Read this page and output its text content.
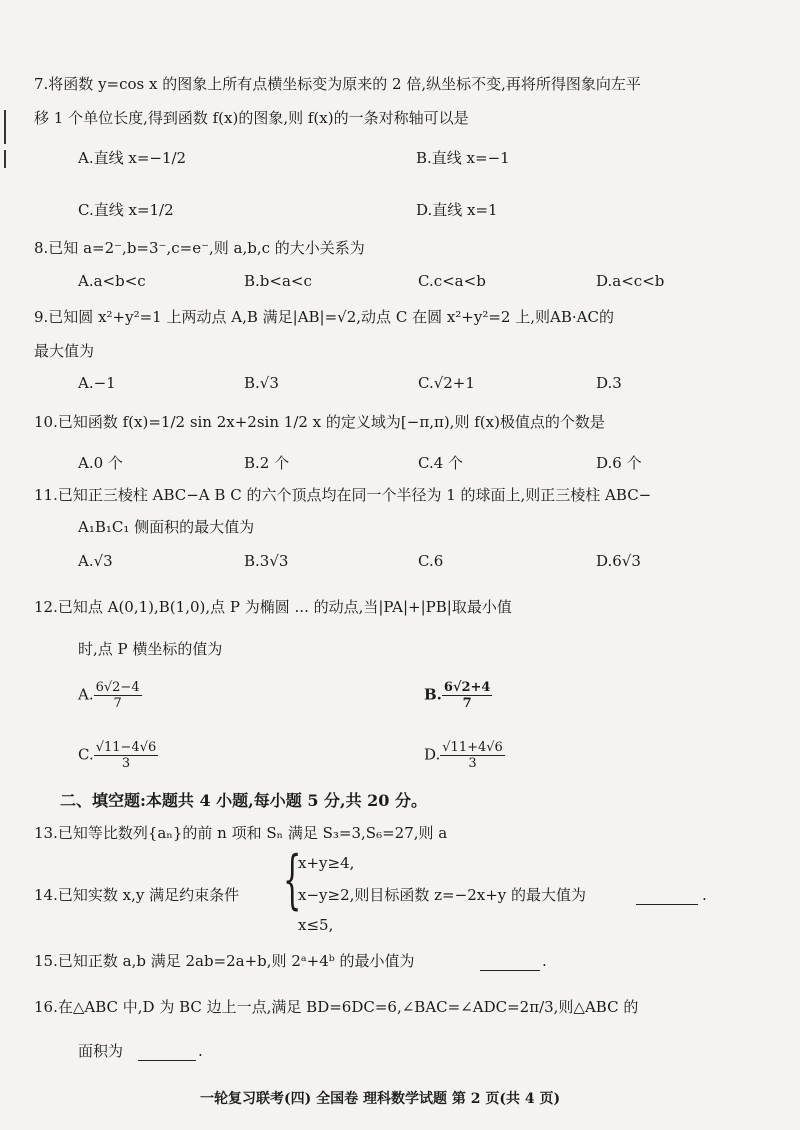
7.将函数 y=cos x 的图象上所有点横坐标变为原来的 2 倍,纵坐标不变,再将所得图象向左平
移 1 个单位长度,得到函数 f(x)的图象,则 f(x)的一条对称轴可以是
A.直线 x=−1/2	B.直线 x=−1
C.直线 x=1/2	D.直线 x=1
8.已知 a=2⁻,b=3⁻,c=e⁻,则 a,b,c 的大小关系为
A.a<b<c	B.b<a<c	C.c<a<b	D.a<c<b
9.已知圆 x²+y²=1 上两动点 A,B 满足|AB|=√2,动点 C 在圆 x²+y²=2 上,则AB·AC的
最大值为
A.−1	B.√3	C.√2+1	D.3
10.已知函数 f(x)=1/2 sin 2x+2sin 1/2 x 的定义域为[−π,π),则 f(x)极值点的个数是
A.0 个	B.2 个	C.4 个	D.6 个
11.已知正三棱柱 ABC−A B C 的六个顶点均在同一个半径为 1 的球面上,则正三棱柱 ABC−
A₁B₁C₁ 侧面积的最大值为
A.√3	B.3√3	C.6	D.6√3
12.已知点 A(0,1),B(1,0),点 P 为椭圆 ... 的动点,当|PA|+|PB|取最小值
时,点 P 横坐标的值为
A. $\frac{6√2-4}{7}$	B. $\frac{6√2+4}{7}$
C. $\frac{√11-4√6}{3}$	D. $\frac{√11+4√6}{3}$
二、填空题:本题共 4 小题,每小题 5 分,共 20 分。
13.已知等比数列{aₙ}的前 n 项和 Sₙ 满足 S₃=3,S₆=27,则 a
{
x+y≥4,
14.已知实数 x,y 满足约束条件	x−y≥2,则目标函数 z=−2x+y 的最大值为	.
x≤5,
15.已知正数 a,b 满足 2ab=2a+b,则 2ᵃ+4ᵇ 的最小值为	.
16.在△ABC 中,D 为 BC 边上一点,满足 BD=6DC=6,∠BAC=∠ADC=2π/3,则△ABC 的
面积为	.
一轮复习联考(四) 全国卷 理科数学试题 第 2 页(共 4 页)
